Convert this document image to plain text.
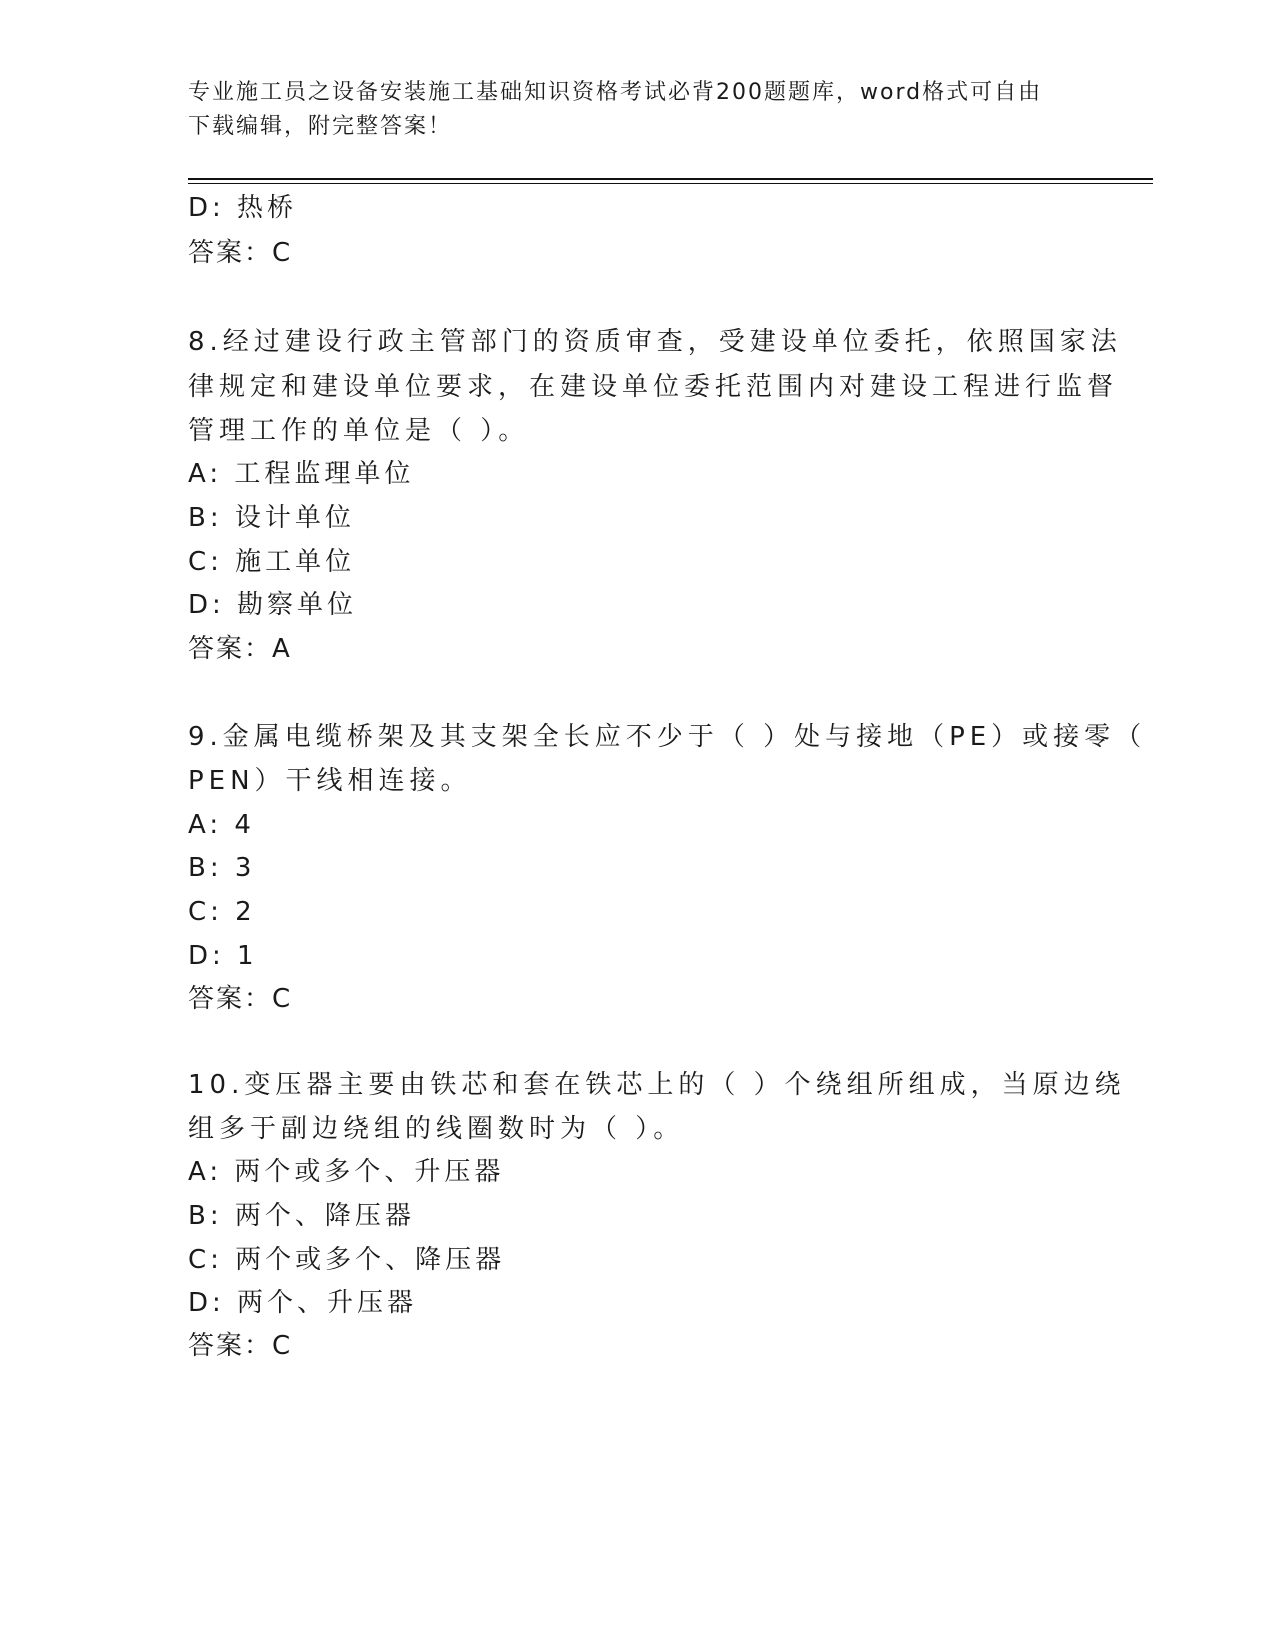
专业施工员之设备安装施工基础知识资格考试必背200题题库，word格式可自由
下载编辑，附完整答案！
D: 热桥
答案：C
8.经过建设行政主管部门的资质审查，受建设单位委托，依照国家法
律规定和建设单位要求，在建设单位委托范围内对建设工程进行监督
管理工作的单位是（ ）。
A: 工程监理单位
B: 设计单位
C: 施工单位
D: 勘察单位
答案：A
9.金属电缆桥架及其支架全长应不少于（ ）处与接地（PE）或接零（
PEN）干线相连接。
A: 4
B: 3
C: 2
D: 1
答案：C
10.变压器主要由铁芯和套在铁芯上的（ ）个绕组所组成，当原边绕
组多于副边绕组的线圈数时为（ ）。
A: 两个或多个、升压器
B: 两个、降压器
C: 两个或多个、降压器
D: 两个、升压器
答案：C
